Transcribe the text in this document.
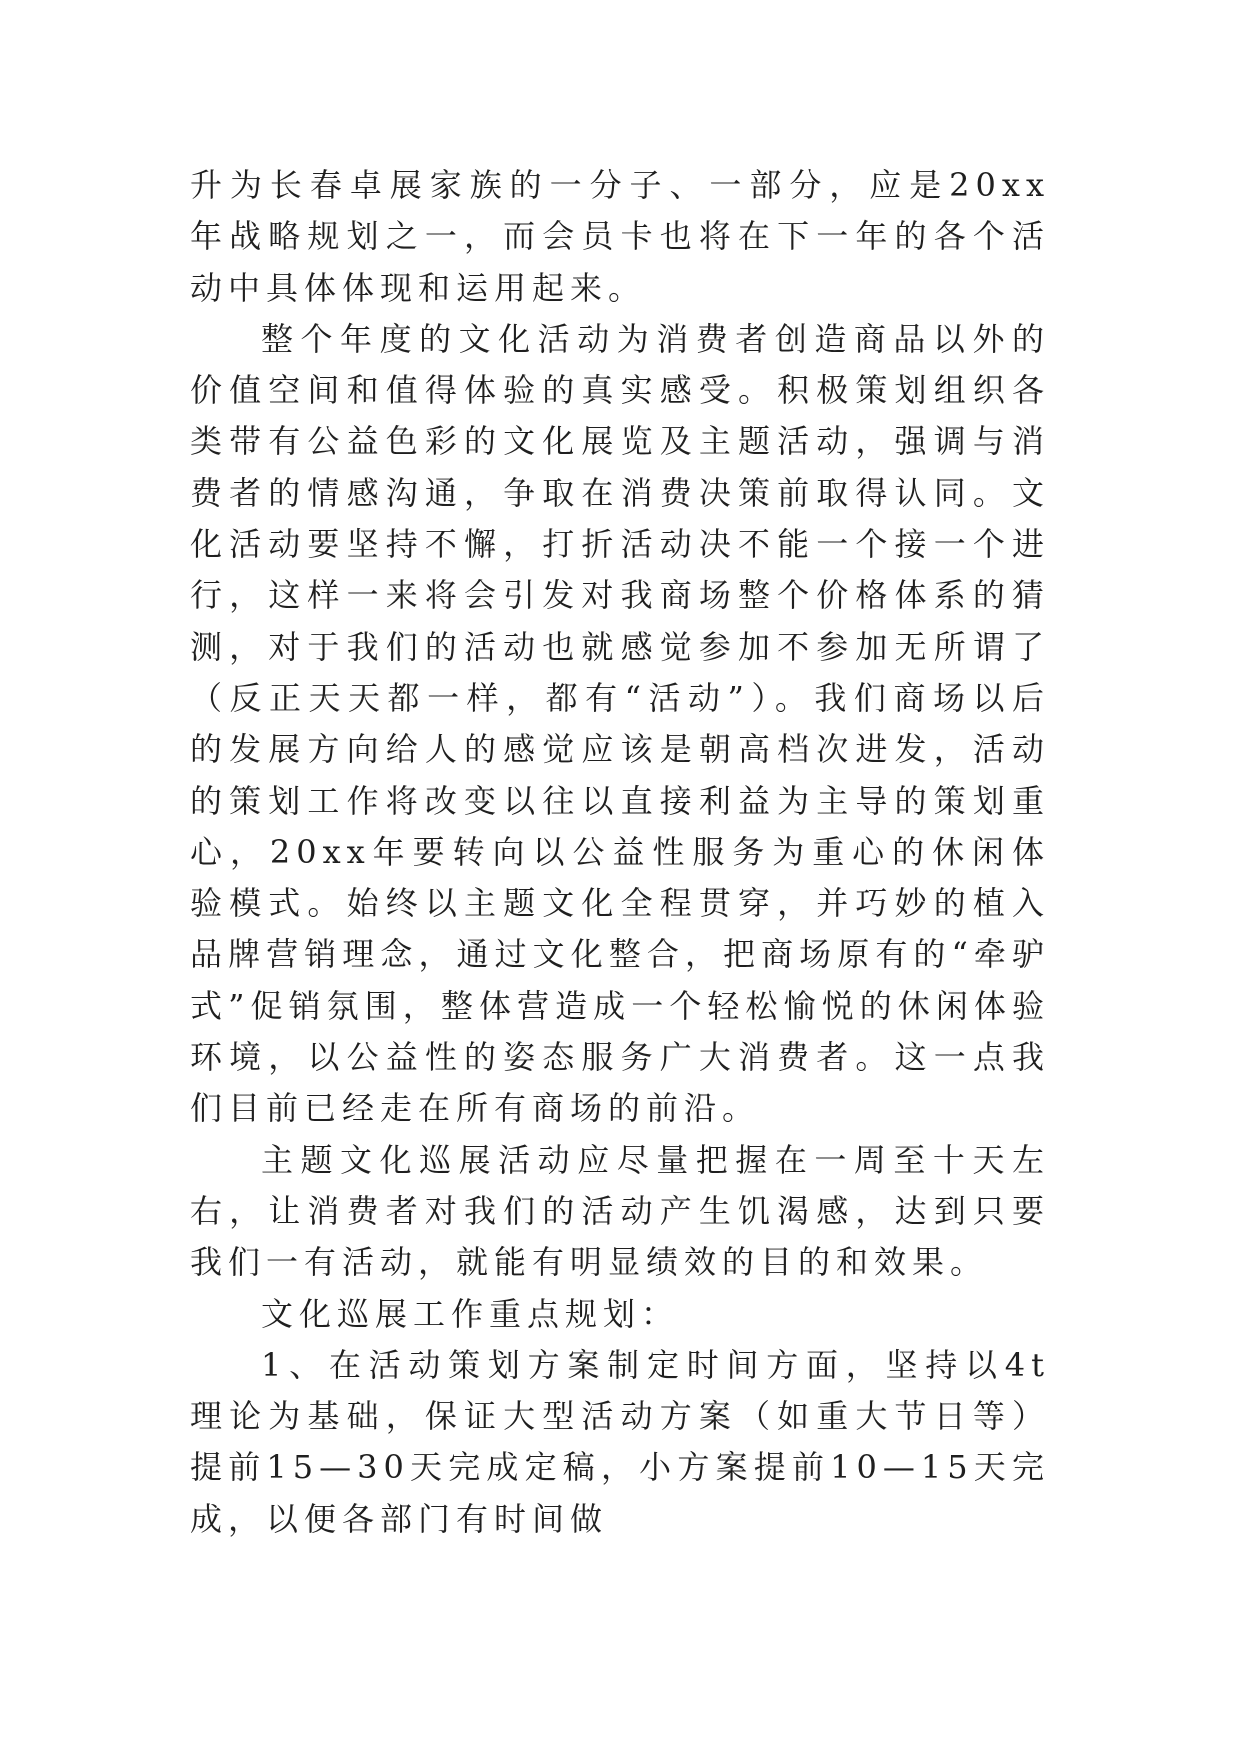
升为长春卓展家族的一分子、一部分，应是20xx年战略规划之一，而会员卡也将在下一年的各个活动中具体体现和运用起来。

整个年度的文化活动为消费者创造商品以外的价值空间和值得体验的真实感受。积极策划组织各类带有公益色彩的文化展览及主题活动，强调与消费者的情感沟通，争取在消费决策前取得认同。文化活动要坚持不懈，打折活动决不能一个接一个进行，这样一来将会引发对我商场整个价格体系的猜测，对于我们的活动也就感觉参加不参加无所谓了（反正天天都一样，都有“活动”）。我们商场以后的发展方向给人的感觉应该是朝高档次进发，活动的策划工作将改变以往以直接利益为主导的策划重心，20xx年要转向以公益性服务为重心的休闲体验模式。始终以主题文化全程贯穿，并巧妙的植入品牌营销理念，通过文化整合，把商场原有的“牵驴式”促销氛围，整体营造成一个轻松愉悦的休闲体验环境，以公益性的姿态服务广大消费者。这一点我们目前已经走在所有商场的前沿。

主题文化巡展活动应尽量把握在一周至十天左右，让消费者对我们的活动产生饥渴感，达到只要我们一有活动，就能有明显绩效的目的和效果。

文化巡展工作重点规划：

1、在活动策划方案制定时间方面，坚持以4t理论为基础，保证大型活动方案（如重大节日等）提前15—30天完成定稿，小方案提前10—15天完成，以便各部门有时间做
